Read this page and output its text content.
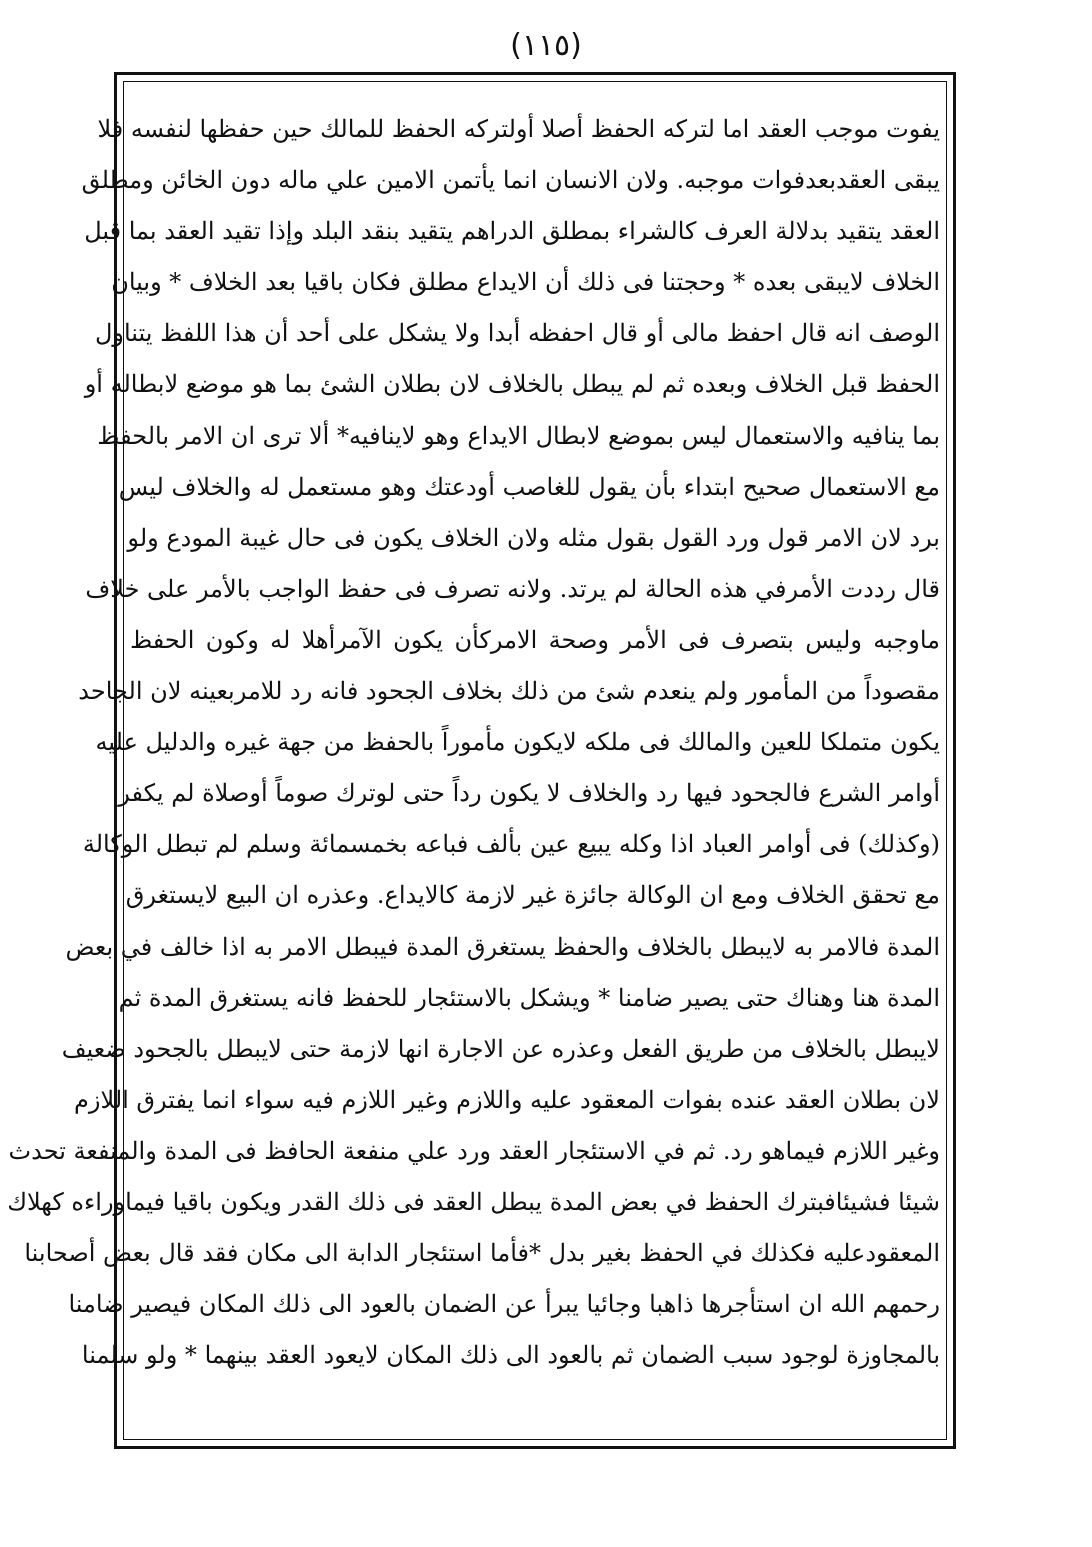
(١١٥)
يفوت موجب العقد اما لتركه الحفظ أصلا أولتركه الحفظ للمالك حين حفظها لنفسه فلا
يبقى العقدبعدفوات موجبه. ولان الانسان انما يأتمن الامين علي ماله دون الخائن ومطلق
العقد يتقيد بدلالة العرف كالشراء بمطلق الدراهم يتقيد بنقد البلد وإذا تقيد العقد بما قبل
الخلاف لايبقى بعده * وحجتنا فى ذلك أن الايداع مطلق فكان باقيا بعد الخلاف * وبيان
الوصف انه قال احفظ مالى أو قال احفظه أبدا ولا يشكل على أحد أن هذا اللفظ يتناول
الحفظ قبل الخلاف وبعده ثم لم يبطل بالخلاف لان بطلان الشئ بما هو موضع لابطاله أو
بما ينافيه والاستعمال ليس بموضع لابطال الايداع وهو لاينافيه* ألا ترى ان الامر بالحفظ
مع الاستعمال صحيح ابتداء بأن يقول للغاصب أودعتك وهو مستعمل له والخلاف ليس
برد لان الامر قول ورد القول بقول مثله ولان الخلاف يكون فى حال غيبة المودع ولو
قال رددت الأمرفي هذه الحالة لم يرتد. ولانه تصرف فى حفظ الواجب بالأمر على خلاف
ماوجبه وليس بتصرف فى الأمر وصحة الامركأن يكون الآمرأهلا له وكون الحفظ
مقصوداً من المأمور ولم ينعدم شئ من ذلك بخلاف الجحود فانه رد للامربعينه لان الجاحد
يكون متملكا للعين والمالك فى ملكه لايكون مأموراً بالحفظ من جهة غيره والدليل عليه
أوامر الشرع فالجحود فيها رد والخلاف لا يكون رداً حتى لوترك صوماً أوصلاة لم يكفر
(وكذلك) فى أوامر العباد اذا وكله يبيع عين بألف فباعه بخمسمائة وسلم لم تبطل الوكالة
مع تحقق الخلاف ومع ان الوكالة جائزة غير لازمة كالايداع. وعذره ان البيع لايستغرق
المدة فالامر به لايبطل بالخلاف والحفظ يستغرق المدة فيبطل الامر به اذا خالف في بعض
المدة هنا وهناك حتى يصير ضامنا * ويشكل بالاستئجار للحفظ فانه يستغرق المدة ثم
لايبطل بالخلاف من طريق الفعل وعذره عن الاجارة انها لازمة حتى لايبطل بالجحود ضعيف
لان بطلان العقد عنده بفوات المعقود عليه واللازم وغير اللازم فيه سواء انما يفترق اللازم
وغير اللازم فيماهو رد. ثم في الاستئجار العقد ورد علي منفعة الحافظ فى المدة والمنفعة تحدث
شيئا فشيئافبترك الحفظ في بعض المدة يبطل العقد فى ذلك القدر ويكون باقيا فيماوراءه كهلاك
المعقودعليه فكذلك في الحفظ بغير بدل *فأما استئجار الدابة الى مكان فقد قال بعض أصحابنا
رحمهم الله ان استأجرها ذاهبا وجائيا يبرأ عن الضمان بالعود الى ذلك المكان فيصير ضامنا
بالمجاوزة لوجود سبب الضمان ثم بالعود الى ذلك المكان لايعود العقد بينهما * ولو سلمنا
